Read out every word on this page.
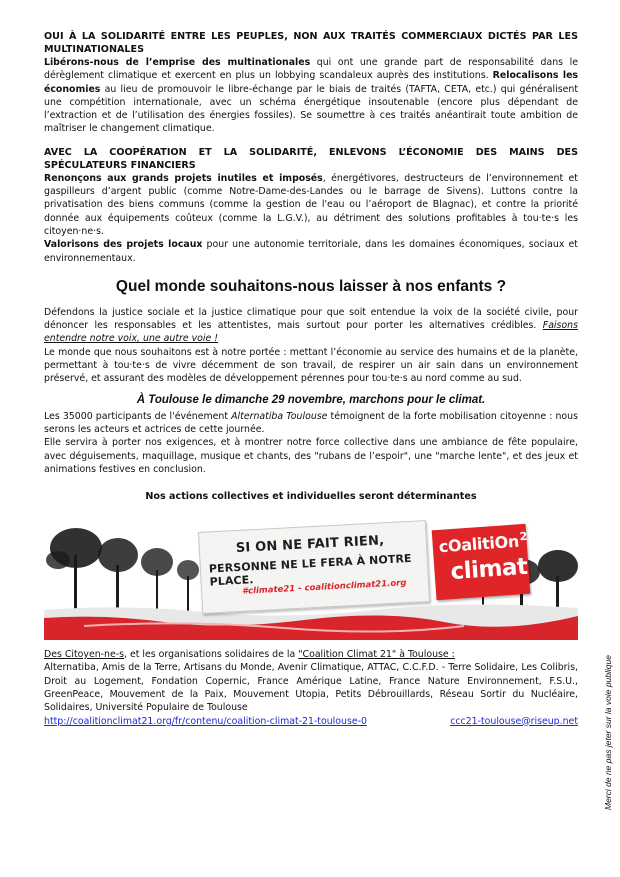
OUI À LA SOLIDARITÉ ENTRE LES PEUPLES, NON AUX TRAITÉS COMMERCIAUX DICTÉS PAR LES MULTINATIONALES

Libérons-nous de l’emprise des multinationales qui ont une grande part de responsabilité dans le dérèglement climatique et exercent en plus un lobbying scandaleux auprès des institutions. Relocalisons les économies au lieu de promouvoir le libre-échange par le biais de traités (TAFTA, CETA, etc.) qui généralisent une compétition internationale, avec un schéma énergétique insoutenable (encore plus dépendant de l’extraction et de l’utilisation des énergies fossiles). Se soumettre à ces traités anéantirait toute ambition de maîtriser le changement climatique.

AVEC LA COOPÉRATION ET LA SOLIDARITÉ, ENLEVONS L’ÉCONOMIE DES MAINS DES SPÉCULATEURS FINANCIERS

Renonçons aux grands projets inutiles et imposés, énergétivores, destructeurs de l’environnement et gaspilleurs d’argent public (comme Notre-Dame-des-Landes ou le barrage de Sivens). Luttons contre la privatisation des biens communs (comme la gestion de l'eau ou l’aéroport de Blagnac), et contre la priorité donnée aux équipements coûteux (comme la L.G.V.), au détriment des solutions profitables à tou·te·s les citoyen·ne·s.
Valorisons des projets locaux pour une autonomie territoriale, dans les domaines économiques, sociaux et environnementaux.

Quel monde souhaitons-nous laisser à nos enfants ?

Défendons la justice sociale et la justice climatique pour que soit entendue la voix de la société civile, pour dénoncer les responsables et les attentistes, mais surtout pour porter les alternatives crédibles. Faisons entendre notre voix, une autre voie !

Le monde que nous souhaitons est à notre portée : mettant l’économie au service des humains et de la planète, permettant à tou·te·s de vivre décemment de son travail, de respirer un air sain dans un environnement préservé, et assurant des modèles de développement pérennes pour tou·te·s au nord comme au sud.

À Toulouse le dimanche 29 novembre, marchons pour le climat.

Les 35000 participants de l'événement Alternatiba Toulouse témoignent de la forte mobilisation citoyenne : nous serons les acteurs et actrices de cette journée.

Elle servira à porter nos exigences, et à montrer notre force collective dans une ambiance de fête populaire, avec déguisements, maquillage, musique et chants, des "rubans de l’espoir", une "marche lente", et des jeux et animations festives en conclusion.

Nos actions collectives et individuelles seront déterminantes
SI ON NE FAIT RIEN,
PERSONNE NE LE FERA À NOTRE PLACE.
#climate21 - coalitionclimat21.org
cOalitiOn$^{21}$
climat

Des Citoyen-ne-s, et les organisations solidaires de la "Coalition Climat 21" à Toulouse :

Alternatiba, Amis de la Terre, Artisans du Monde, Avenir Climatique, ATTAC, C.C.F.D. - Terre Solidaire, Les Colibris, Droit au Logement, Fondation Copernic, France Amérique Latine, France Nature Environnement, F.S.U., GreenPeace, Mouvement de la Paix, Mouvement Utopia, Petits Débrouillards, Réseau Sortir du Nucléaire, Solidaires, Université Populaire de Toulouse

http://coalitionclimat21.org/fr/contenu/coalition-climat-21-toulouse-0	ccc21-toulouse@riseup.net	Merci de ne pas jeter sur la voie publique
